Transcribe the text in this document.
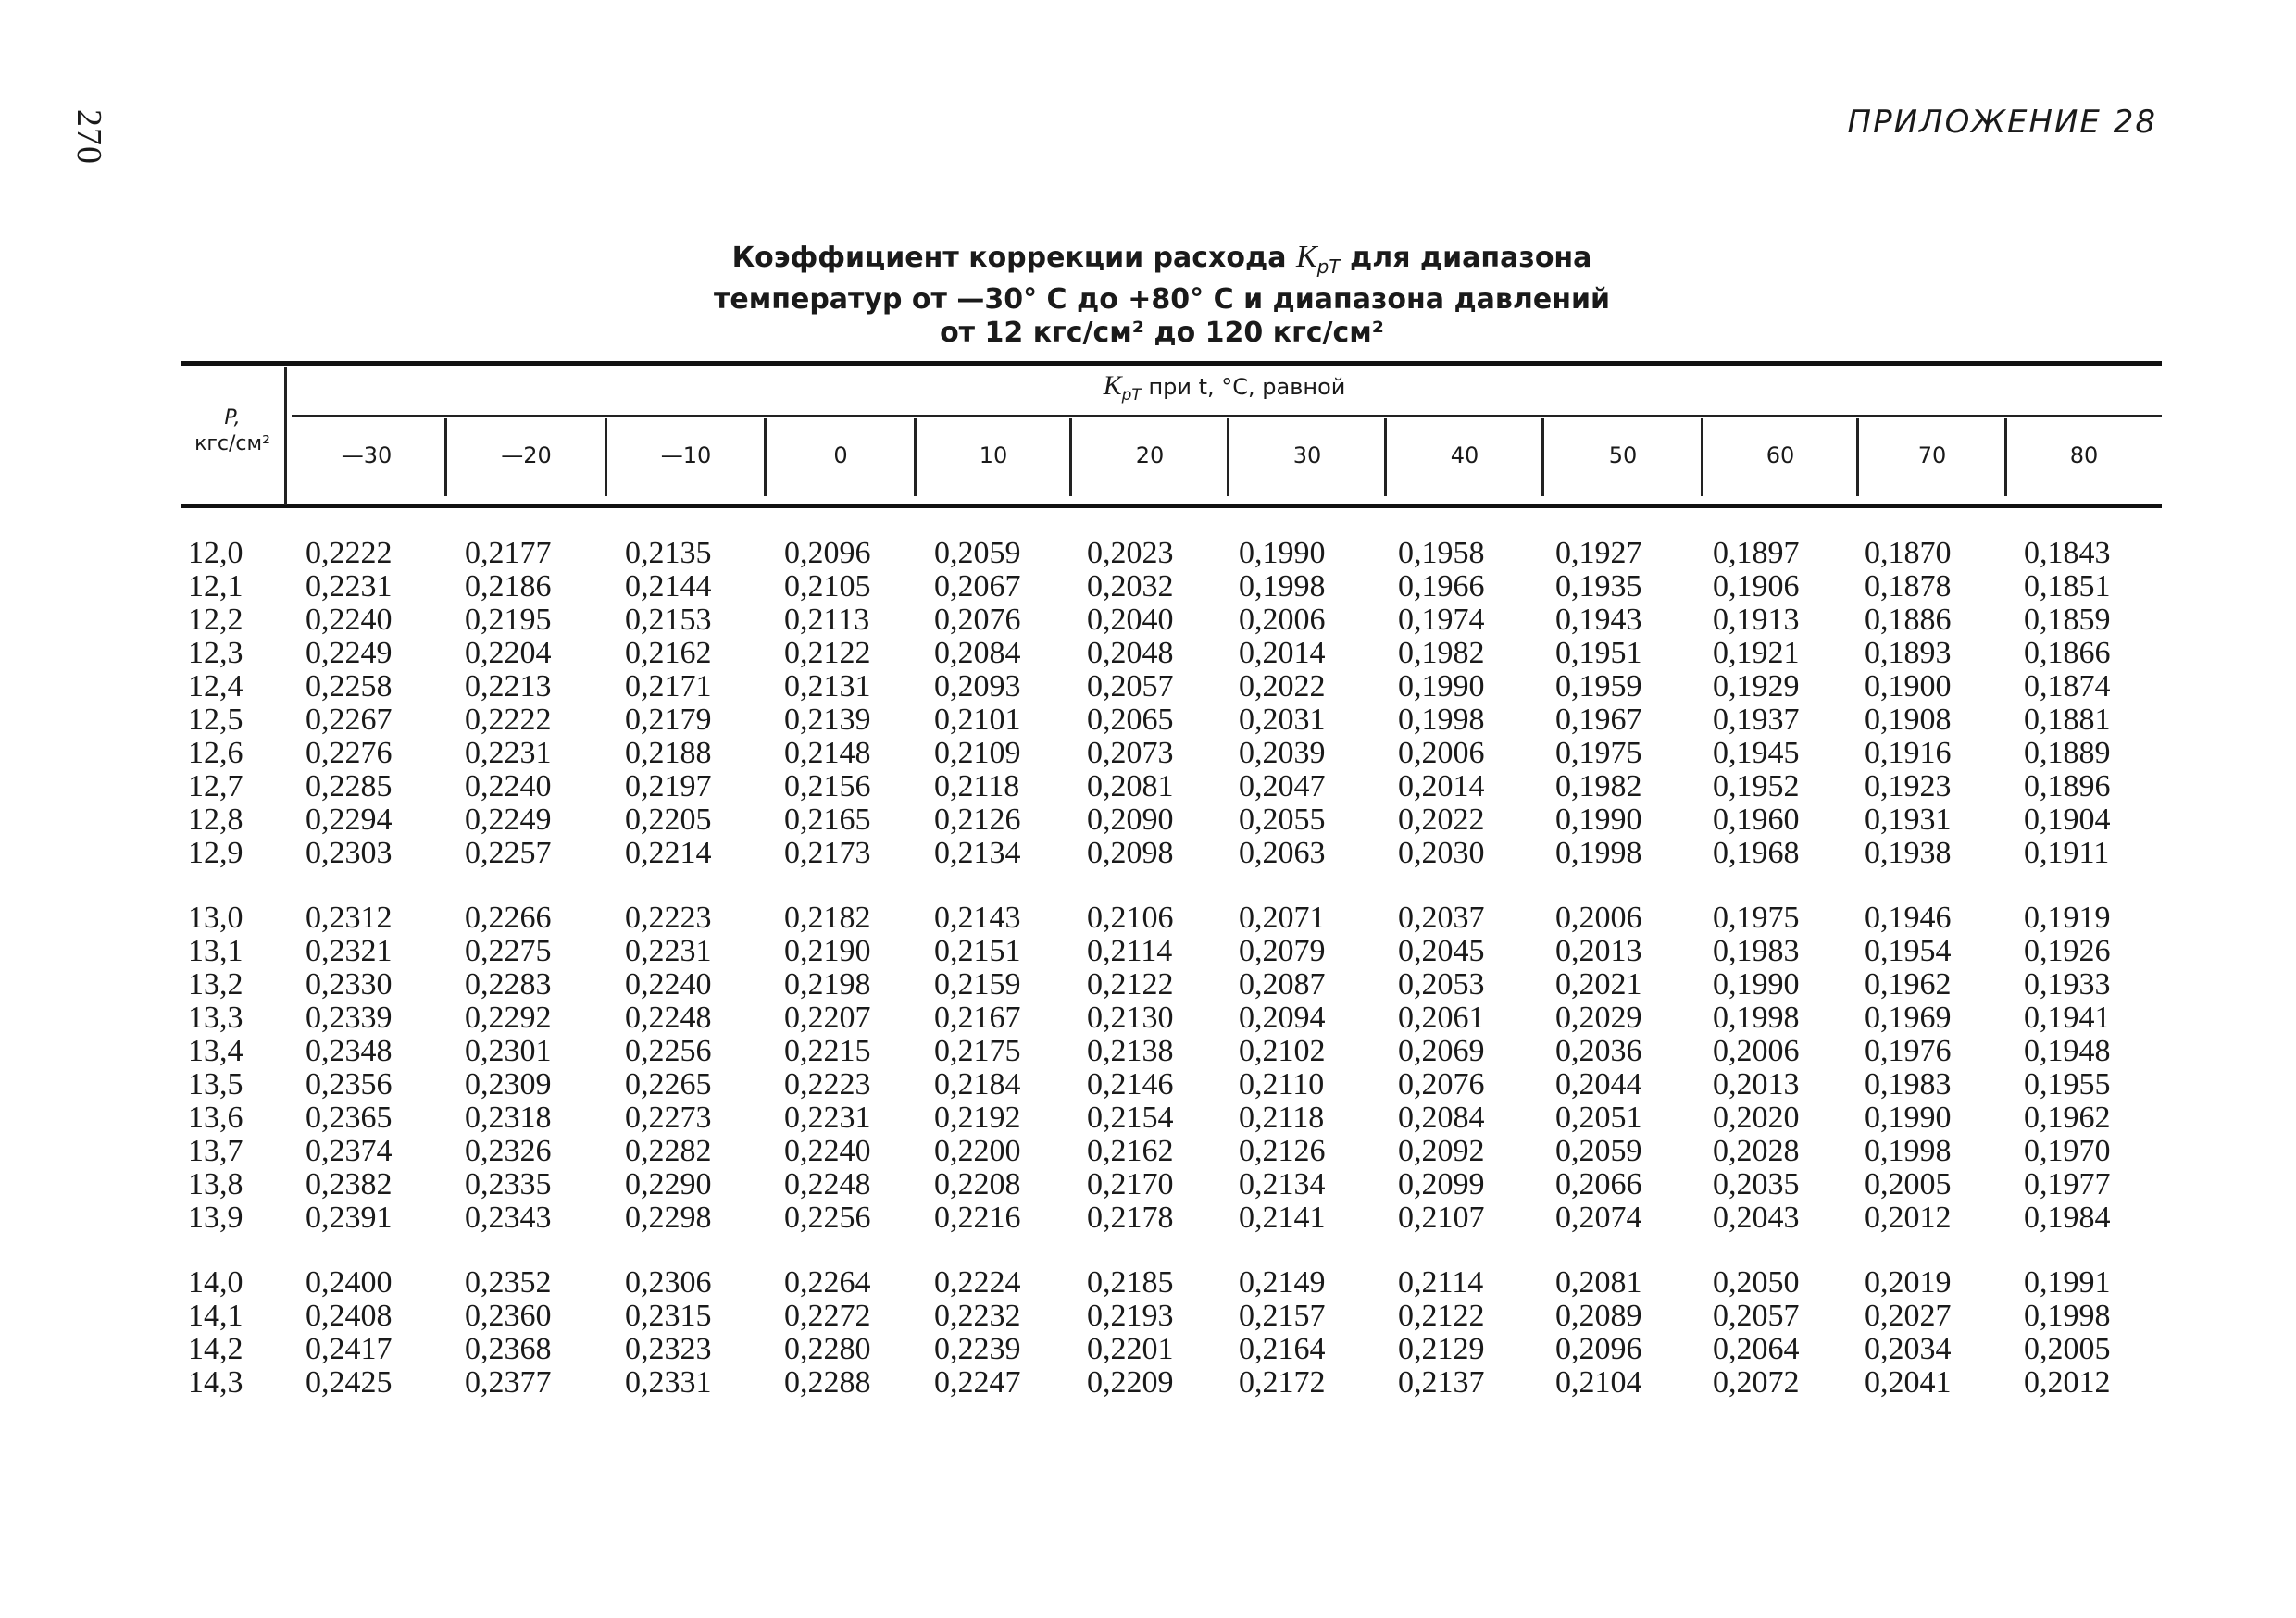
270	ПРИЛОЖЕНИЕ 28
Коэффициент коррекции расхода $K_{pT}$ для диапазона
температур от —30° С до +80° С и диапазона давлений
от 12 кгс/см² до 120 кгс/см²
P,
кгс/см²
$K_{pT}$ при t, °С, равной
—30	—20	—10	0	10	20	30	40	50	60	70	80
12,0 0,2222 0,2177 0,2135 0,2096 0,2059 0,2023 0,1990 0,1958 0,1927 0,1897 0,1870 0,1843
12,1 0,2231 0,2186 0,2144 0,2105 0,2067 0,2032 0,1998 0,1966 0,1935 0,1906 0,1878 0,1851
12,2 0,2240 0,2195 0,2153 0,2113 0,2076 0,2040 0,2006 0,1974 0,1943 0,1913 0,1886 0,1859
12,3 0,2249 0,2204 0,2162 0,2122 0,2084 0,2048 0,2014 0,1982 0,1951 0,1921 0,1893 0,1866
12,4 0,2258 0,2213 0,2171 0,2131 0,2093 0,2057 0,2022 0,1990 0,1959 0,1929 0,1900 0,1874
12,5 0,2267 0,2222 0,2179 0,2139 0,2101 0,2065 0,2031 0,1998 0,1967 0,1937 0,1908 0,1881
12,6 0,2276 0,2231 0,2188 0,2148 0,2109 0,2073 0,2039 0,2006 0,1975 0,1945 0,1916 0,1889
12,7 0,2285 0,2240 0,2197 0,2156 0,2118 0,2081 0,2047 0,2014 0,1982 0,1952 0,1923 0,1896
12,8 0,2294 0,2249 0,2205 0,2165 0,2126 0,2090 0,2055 0,2022 0,1990 0,1960 0,1931 0,1904
12,9 0,2303 0,2257 0,2214 0,2173 0,2134 0,2098 0,2063 0,2030 0,1998 0,1968 0,1938 0,1911
13,0 0,2312 0,2266 0,2223 0,2182 0,2143 0,2106 0,2071 0,2037 0,2006 0,1975 0,1946 0,1919
13,1 0,2321 0,2275 0,2231 0,2190 0,2151 0,2114 0,2079 0,2045 0,2013 0,1983 0,1954 0,1926
13,2 0,2330 0,2283 0,2240 0,2198 0,2159 0,2122 0,2087 0,2053 0,2021 0,1990 0,1962 0,1933
13,3 0,2339 0,2292 0,2248 0,2207 0,2167 0,2130 0,2094 0,2061 0,2029 0,1998 0,1969 0,1941
13,4 0,2348 0,2301 0,2256 0,2215 0,2175 0,2138 0,2102 0,2069 0,2036 0,2006 0,1976 0,1948
13,5 0,2356 0,2309 0,2265 0,2223 0,2184 0,2146 0,2110 0,2076 0,2044 0,2013 0,1983 0,1955
13,6 0,2365 0,2318 0,2273 0,2231 0,2192 0,2154 0,2118 0,2084 0,2051 0,2020 0,1990 0,1962
13,7 0,2374 0,2326 0,2282 0,2240 0,2200 0,2162 0,2126 0,2092 0,2059 0,2028 0,1998 0,1970
13,8 0,2382 0,2335 0,2290 0,2248 0,2208 0,2170 0,2134 0,2099 0,2066 0,2035 0,2005 0,1977
13,9 0,2391 0,2343 0,2298 0,2256 0,2216 0,2178 0,2141 0,2107 0,2074 0,2043 0,2012 0,1984
14,0 0,2400 0,2352 0,2306 0,2264 0,2224 0,2185 0,2149 0,2114 0,2081 0,2050 0,2019 0,1991
14,1 0,2408 0,2360 0,2315 0,2272 0,2232 0,2193 0,2157 0,2122 0,2089 0,2057 0,2027 0,1998
14,2 0,2417 0,2368 0,2323 0,2280 0,2239 0,2201 0,2164 0,2129 0,2096 0,2064 0,2034 0,2005
14,3 0,2425 0,2377 0,2331 0,2288 0,2247 0,2209 0,2172 0,2137 0,2104 0,2072 0,2041 0,2012
